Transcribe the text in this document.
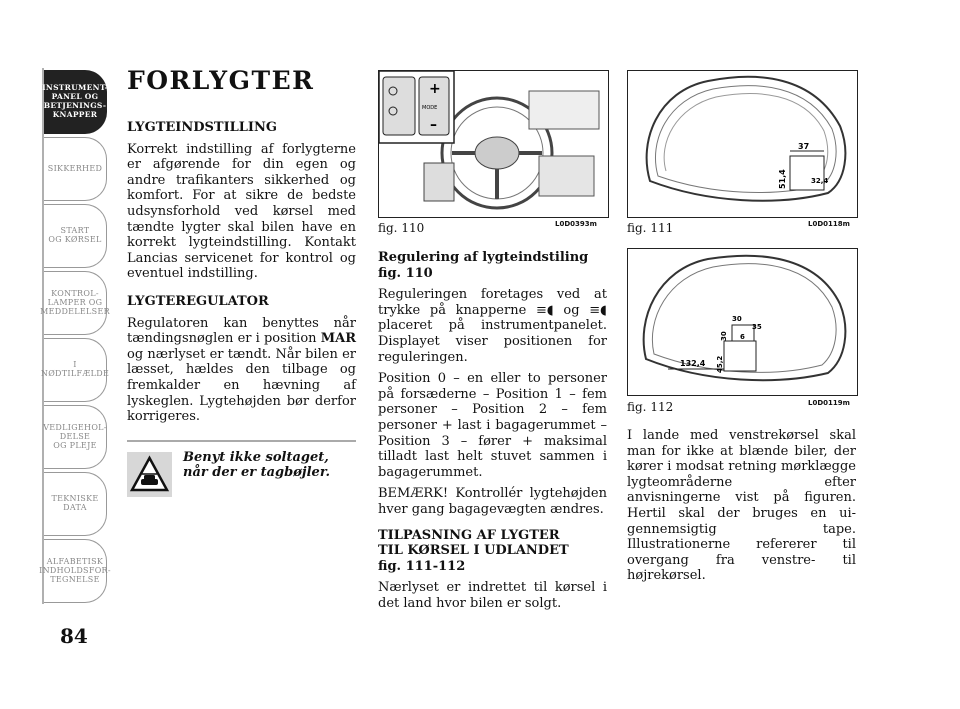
INSTRUMENT-
PANEL OG
BETJENINGS-
KNAPPER
SIKKERHED
START
OG KØRSEL
KONTROL-
LAMPER OG
MEDDELELSER
I
NØDTILFÆLDE
VEDLIGEHOL-
DELSE
OG PLEJE
TEKNISKE
DATA
ALFABETISK
INDHOLDSFOR-
TEGNELSE
84
FORLYGTER
LYGTEINDSTILLING

Korrekt indstilling af forlygterne er afgørende for din egen og andre trafikanters sikkerhed og komfort. For at sikre de bedste udsynsforhold ved kørsel med tændte lygter skal bilen have en korrekt lygteindstilling. Kontakt Lancias servicenet for kontrol og eventuel indstilling.

LYGTEREGULATOR

Regulatoren kan benyttes når tændingsnøglen er i position MAR og nærlyset er tændt. Når bilen er læsset, hældes den tilbage og fremkalder en hævning af lyskeglen. Lygtehøjden bør derfor korrigeres.

Benyt ikke soltaget, når der er tagbøjler.
+
MODE
–
fig. 110	L0D0393m
Regulering af lygteindstiling
fig. 110

Reguleringen foretages ved at trykke på knapperne ≡◖ og ≡◖ placeret på instrumentpanelet. Displayet viser positionen for reguleringen.

Position 0 – en eller to personer på forsæderne – Position 1 – fem personer – Position 2 – fem personer + last i bagagerummet – Position 3 – fører + maksimal tilladt last helt stuvet sammen i bagagerummet.

BEMÆRK! Kontrollér lygtehøjden hver gang bagagevægten ændres.

TILPASNING AF LYGTER
TIL KØRSEL I UDLANDET
fig. 111-112

Nærlyset er indrettet til kørsel i det land hvor bilen er solgt.

37
51,4	32,4
fig. 111	L0D0118m
30
35
30 6
132,4 45,2
fig. 112	L0D0119m

I lande med venstrekørsel skal man for ikke at blænde biler, der kører i modsat retning mørklægge lygteområderne efter anvisningerne vist på figuren. Hertil skal der bruges en ui-gennemsigtig tape. Illustrationerne refererer til overgang fra venstre- til højrekørsel.
